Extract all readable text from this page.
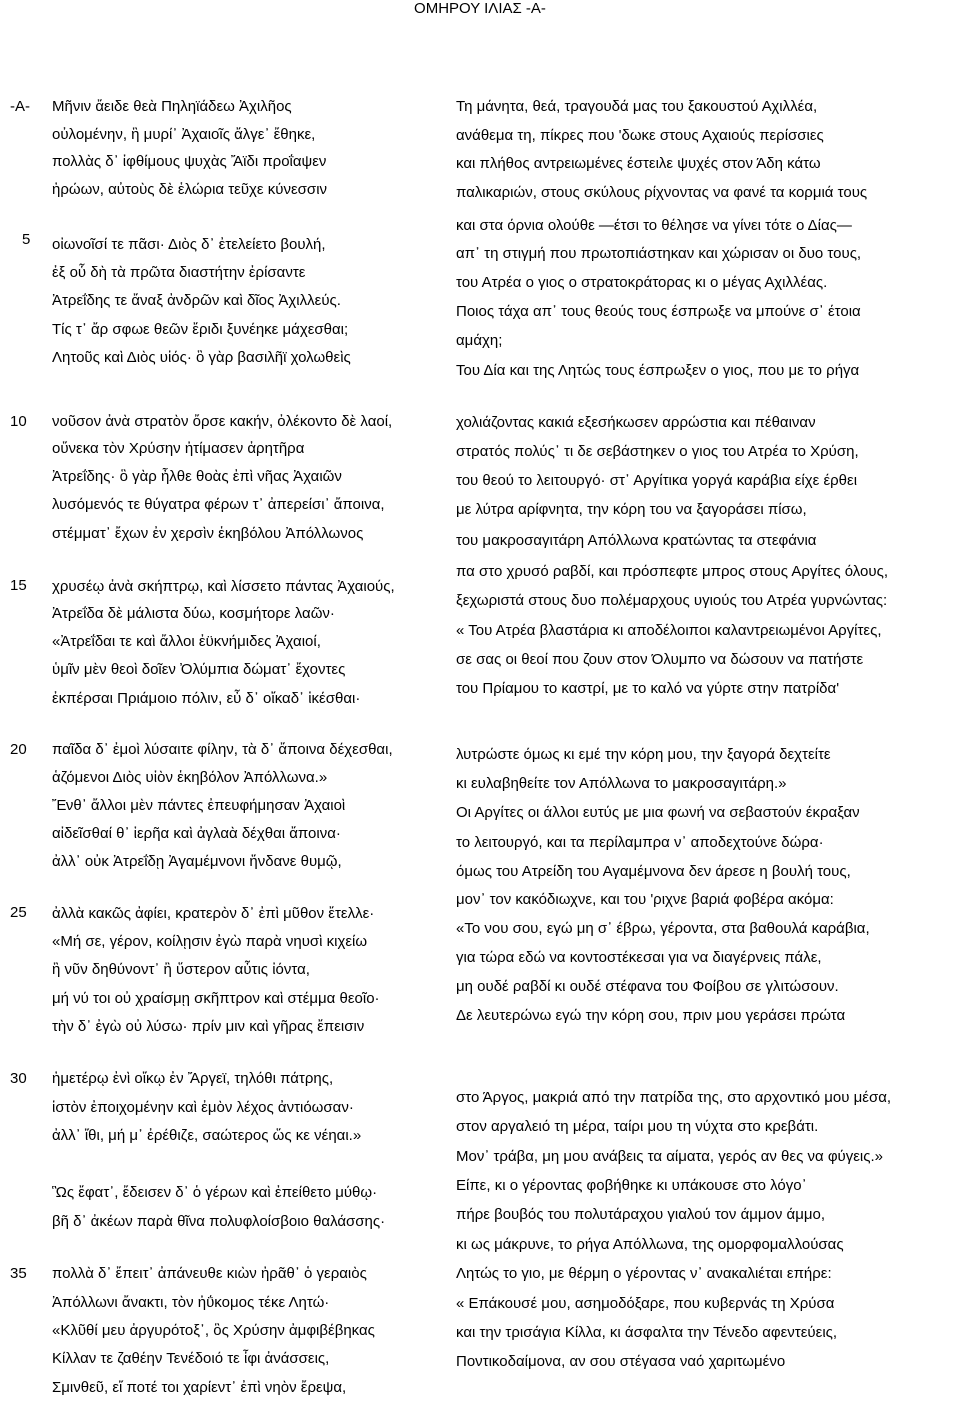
ΟΜΗΡΟΥ ΙΛΙΑΣ -Α-
-Α-
5
10
15
20
25
30
35
Μῆνιν ἄειδε θεὰ Πηληϊάδεω Ἀχιλῆος
οὐλομένην, ἣ μυρί᾽ Ἀχαιοῖς ἄλγε᾽ ἔθηκε,
πολλὰς δ᾽ ἰφθίμους ψυχὰς Ἄϊδι προΐαψεν
ἡρώων, αὐτοὺς δὲ ἑλώρια τεῦχε κύνεσσιν
οἰωνοῖσί τε πᾶσι· Διὸς δ᾽ ἐτελείετο βουλή,
ἐξ οὗ δὴ τὰ πρῶτα διαστήτην ἐρίσαντε
Ἀτρεΐδης τε ἄναξ ἀνδρῶν καὶ δῖος Ἀχιλλεύς.
Τίς τ᾽ ἄρ σφωε θεῶν ἔριδι ξυνέηκε μάχεσθαι;
Λητοῦς καὶ Διὸς υἱός· ὃ γὰρ βασιλῆϊ χολωθεὶς
νοῦσον ἀνὰ στρατὸν ὄρσε κακήν, ὀλέκοντο δὲ λαοί,
οὕνεκα τὸν Χρύσην ἠτίμασεν ἀρητῆρα
Ἀτρεΐδης· ὃ γὰρ ἦλθε θοὰς ἐπὶ νῆας Ἀχαιῶν
λυσόμενός τε θύγατρα φέρων τ᾽ ἀπερείσι᾽ ἄποινα,
στέμματ᾽ ἔχων ἐν χερσὶν ἑκηβόλου Ἀπόλλωνος
χρυσέῳ ἀνὰ σκήπτρῳ, καὶ λίσσετο πάντας Ἀχαιούς,
Ἀτρεΐδα δὲ μάλιστα δύω, κοσμήτορε λαῶν·
«Ἀτρεΐδαι τε καὶ ἄλλοι ἐϋκνήμιδες Ἀχαιοί,
ὑμῖν μὲν θεοὶ δοῖεν Ὀλύμπια δώματ᾽ ἔχοντες
ἐκπέρσαι Πριάμοιο πόλιν, εὖ δ᾽ οἴκαδ᾽ ἱκέσθαι·
παῖδα δ᾽ ἐμοὶ λύσαιτε φίλην, τὰ δ᾽ ἄποινα δέχεσθαι,
ἁζόμενοι Διὸς υἱὸν ἑκηβόλον Ἀπόλλωνα.»
Ἔνθ᾽ ἄλλοι μὲν πάντες ἐπευφήμησαν Ἀχαιοὶ
αἰδεῖσθαί θ᾽ ἱερῆα καὶ ἀγλαὰ δέχθαι ἄποινα·
ἀλλ᾽ οὐκ Ἀτρεΐδῃ Ἀγαμέμνονι ἥνδανε θυμῷ,
ἀλλὰ κακῶς ἀφίει, κρατερὸν δ᾽ ἐπὶ μῦθον ἔτελλε·
«Μή σε, γέρον, κοίλῃσιν ἐγὼ παρὰ νηυσὶ κιχείω
ἢ νῦν δηθύνοντ᾽ ἢ ὕστερον αὖτις ἰόντα,
μή νύ τοι οὐ χραίσμῃ σκῆπτρον καὶ στέμμα θεοῖο·
τὴν δ᾽ ἐγὼ οὐ λύσω· πρίν μιν καὶ γῆρας ἔπεισιν
ἡμετέρῳ ἐνὶ οἴκῳ ἐν Ἄργεϊ, τηλόθι πάτρης,
ἱστὸν ἐποιχομένην καὶ ἐμὸν λέχος ἀντιόωσαν·
ἀλλ᾽ ἴθι, μή μ᾽ ἐρέθιζε, σαώτερος ὥς κε νέηαι.»
Ὣς ἔφατ᾽, ἔδεισεν δ᾽ ὁ γέρων καὶ ἐπείθετο μύθῳ·
βῆ δ᾽ ἀκέων παρὰ θῖνα πολυφλοίσβοιο θαλάσσης·
πολλὰ δ᾽ ἔπειτ᾽ ἀπάνευθε κιὼν ἠρᾶθ᾽ ὁ γεραιὸς
Ἀπόλλωνι ἄνακτι, τὸν ἠΰκομος τέκε Λητώ·
«Κλῦθί μευ ἀργυρότοξ᾽, ὃς Χρύσην ἀμφιβέβηκας
Κίλλαν τε ζαθέην Τενέδοιό τε ἶφι ἀνάσσεις,
Σμινθεῦ, εἴ ποτέ τοι χαρίεντ᾽ ἐπὶ νηὸν ἔρεψα,
Τη μάνητα, θεά, τραγουδά μας του ξακουστού Αχιλλέα,
ανάθεμα τη, πίκρες που 'δωκε στους Αχαιούς περίσσιες
και πλήθος αντρειωμένες έστειλε ψυχές στον Άδη κάτω
παλικαριών, στους σκύλους ρίχνοντας να φανέ τα κορμιά τους
και στα όρνια ολούθε —έτσι το θέλησε να γίνει τότε ο Δίας—
απ᾽ τη στιγμή που πρωτοπιάστηκαν και χώρισαν οι δυο τους,
του Ατρέα ο γιος ο στρατοκράτορας κι ο μέγας Αχιλλέας.
Ποιος τάχα απ᾽ τους θεούς τους έσπρωξε να μπούνε σ᾽ έτοια
αμάχη;
Του Δία και της Λητώς τους έσπρωξεν ο γιος, που με το ρήγα
χολιάζοντας κακιά εξεσήκωσεν αρρώστια και πέθαιναν
στρατός πολύς᾽ τι δε σεβάστηκεν ο γιος του Ατρέα το Χρύση,
του θεού το λειτουργό· στ᾽ Αργίτικα γοργά καράβια είχε έρθει
με λύτρα αρίφνητα, την κόρη του να ξαγοράσει πίσω,
του μακροσαγιτάρη Απόλλωνα κρατώντας τα στεφάνια
πα στο χρυσό ραβδί, και πρόσπεφτε μπρος στους Αργίτες όλους,
ξεχωριστά στους δυο πολέμαρχους υγιούς του Ατρέα γυρνώντας:
« Του Ατρέα βλαστάρια κι αποδέλοιποι καλαντρειωμένοι Αργίτες,
σε σας οι θεοί που ζουν στον Όλυμπο να δώσουν να πατήστε
του Πρίαμου το καστρί, με το καλό να γύρτε στην πατρίδα'
λυτρώστε όμως κι εμέ την κόρη μου, την ξαγορά δεχτείτε
κι ευλαβηθείτε τον Απόλλωνα το μακροσαγιτάρη.»
Οι Αργίτες οι άλλοι ευτύς με μια φωνή να σεβαστούν έκραξαν
το λειτουργό, και τα περίλαμπρα ν᾽ αποδεχτούνε δώρα·
όμως του Ατρείδη του Αγαμέμνονα δεν άρεσε η βουλή τους,
μον᾽ τον κακόδιωχνε, και του 'ριχνε βαριά φοβέρα ακόμα:
«Το νου σου, εγώ μη σ᾽ έβρω, γέροντα, στα βαθουλά καράβια,
για τώρα εδώ να κοντοστέκεσαι για να διαγέρνεις πάλε,
μη ουδέ ραβδί κι ουδέ στέφανα του Φοίβου σε γλιτώσουν.
Δε λευτερώνω εγώ την κόρη σου, πριν μου γεράσει πρώτα
στο Άργος, μακριά από την πατρίδα της, στο αρχοντικό μου μέσα,
στον αργαλειό τη μέρα, ταίρι μου τη νύχτα στο κρεβάτι.
Μον᾽ τράβα, μη μου ανάβεις τα αίματα, γερός αν θες να φύγεις.»
Είπε, κι ο γέροντας φοβήθηκε κι υπάκουσε στο λόγο᾽
πήρε βουβός του πολυτάραχου γιαλού τον άμμον άμμο,
κι ως μάκρυνε, το ρήγα Απόλλωνα, της ομορφομαλλούσας
Λητώς το γιο, με θέρμη ο γέροντας ν᾽ ανακαλιέται επήρε:
« Επάκουσέ μου, ασημοδόξαρε, που κυβερνάς τη Χρύσα
και την τρισάγια Κίλλα, κι άσφαλτα την Τένεδο αφεντεύεις,
Ποντικοδαίμονα, αν σου στέγασα ναό χαριτωμένο
